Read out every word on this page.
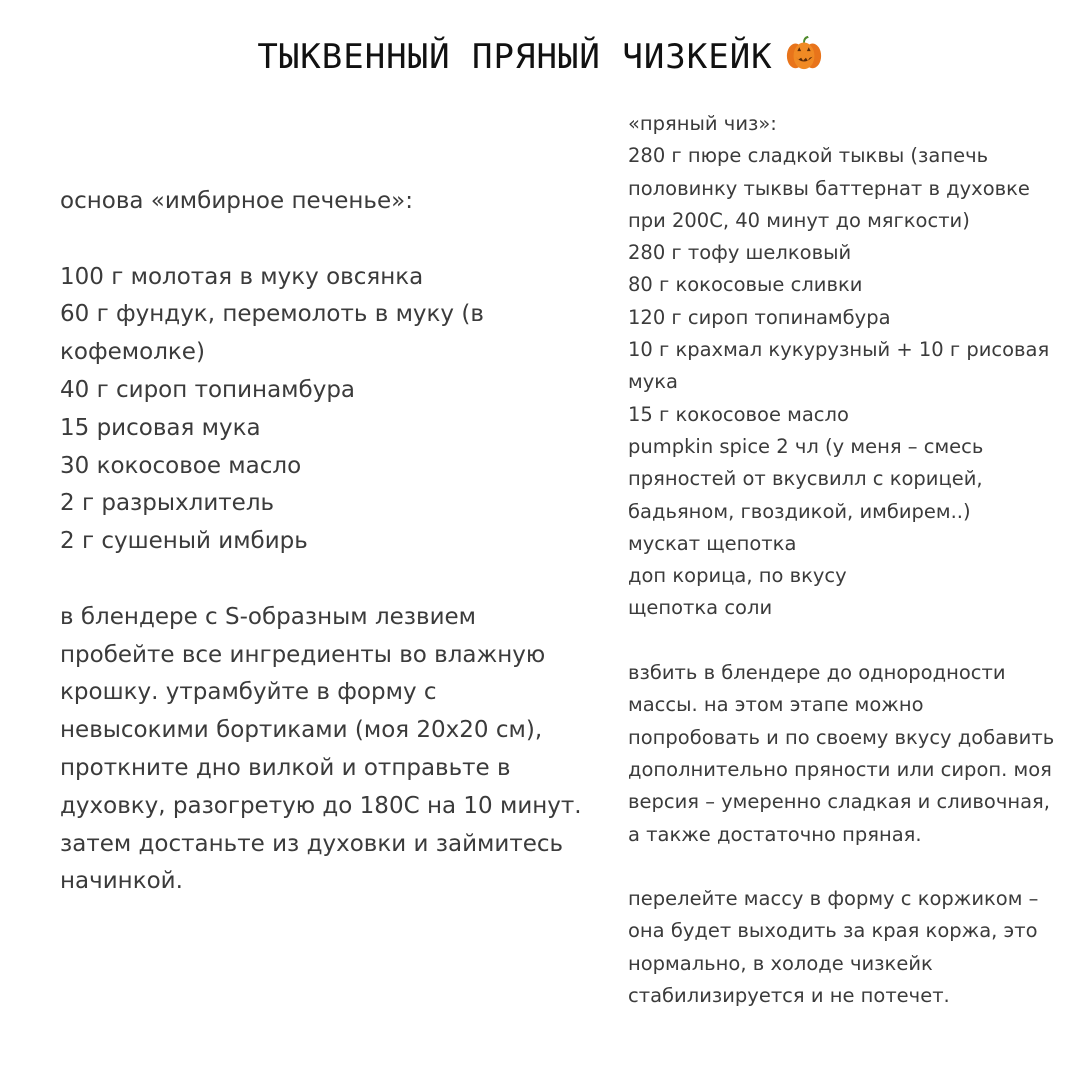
ТЫКВЕННЫЙ ПРЯНЫЙ ЧИЗКЕЙК
основа «имбирное печенье»:
100 г молотая в муку овсянка
60 г фундук, перемолоть в муку (в
кофемолке)
40 г сироп топинамбура
15 рисовая мука
30 кокосовое масло
2 г разрыхлитель
2 г сушеный имбирь
в блендере с S-образным лезвием
пробейте все ингредиенты во влажную
крошку. утрамбуйте в форму с
невысокими бортиками (моя 20х20 см),
проткните дно вилкой и отправьте в
духовку, разогретую до 180С на 10 минут.
затем достаньте из духовки и займитесь
начинкой.
«пряный чиз»:
280 г пюре сладкой тыквы (запечь
половинку тыквы баттернат в духовке
при 200С, 40 минут до мягкости)
280 г тофу шелковый
80 г кокосовые сливки
120 г сироп топинамбура
10 г крахмал кукурузный + 10 г рисовая
мука
15 г кокосовое масло
pumpkin spice 2 чл (у меня – смесь
пряностей от вкусвилл с корицей,
бадьяном, гвоздикой, имбирем..)
мускат щепотка
доп корица, по вкусу
щепотка соли
взбить в блендере до однородности
массы. на этом этапе можно
попробовать и по своему вкусу добавить
дополнительно пряности или сироп. моя
версия – умеренно сладкая и сливочная,
а также достаточно пряная.
перелейте массу в форму с коржиком –
она будет выходить за края коржа, это
нормально, в холоде чизкейк
стабилизируется и не потечет.
